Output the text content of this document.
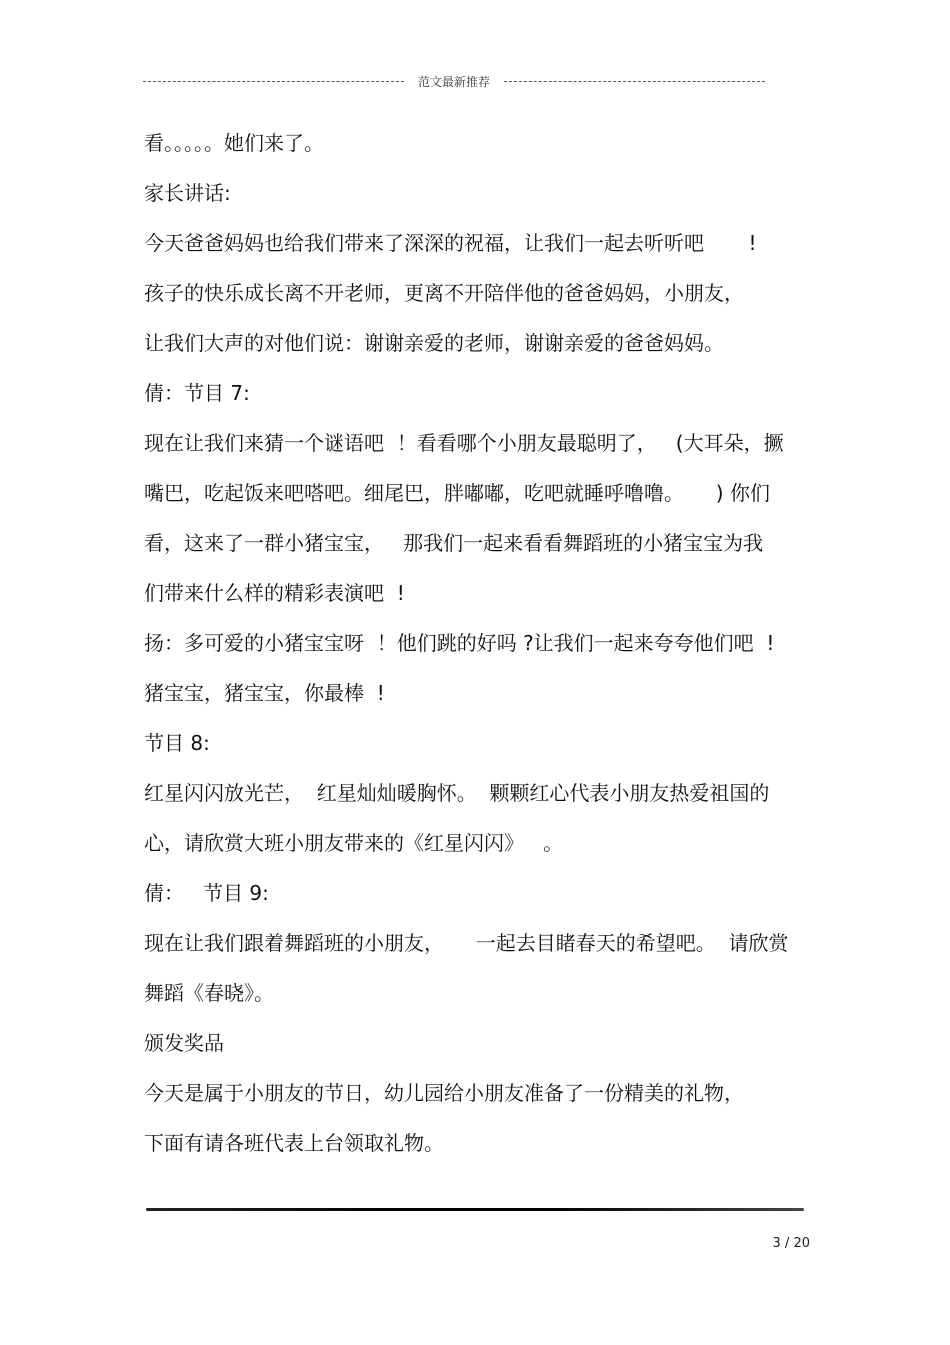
范文最新推荐
看。。。。。她们来了。
家长讲话:
今天爸爸妈妈也给我们带来了深深的祝福，让我们一起去听听吧       !
孩子的快乐成长离不开老师，更离不开陪伴他的爸爸妈妈，小朋友，
让我们大声的对他们说：谢谢亲爱的老师，谢谢亲爱的爸爸妈妈。
倩：节目 7:
现在让我们来猜一个谜语吧  ！看看哪个小朋友最聪明了，   (大耳朵，撅
嘴巴，吃起饭来吧嗒吧。细尾巴，胖嘟嘟，吃吧就睡呼噜噜。     ) 你们
看，这来了一群小猪宝宝，   那我们一起来看看舞蹈班的小猪宝宝为我
们带来什么样的精彩表演吧  !
扬：多可爱的小猪宝宝呀  ！他们跳的好吗 ?让我们一起来夸夸他们吧  !
猪宝宝，猪宝宝，你最棒  !
节目 8:
红星闪闪放光芒，  红星灿灿暖胸怀。  颗颗红心代表小朋友热爱祖国的
心，请欣赏大班小朋友带来的《红星闪闪》   。
倩：   节目 9:
现在让我们跟着舞蹈班的小朋友，     一起去目睹春天的希望吧。  请欣赏
舞蹈《春晓》。
颁发奖品
今天是属于小朋友的节日，幼儿园给小朋友准备了一份精美的礼物，
下面有请各班代表上台领取礼物。
3 / 20
